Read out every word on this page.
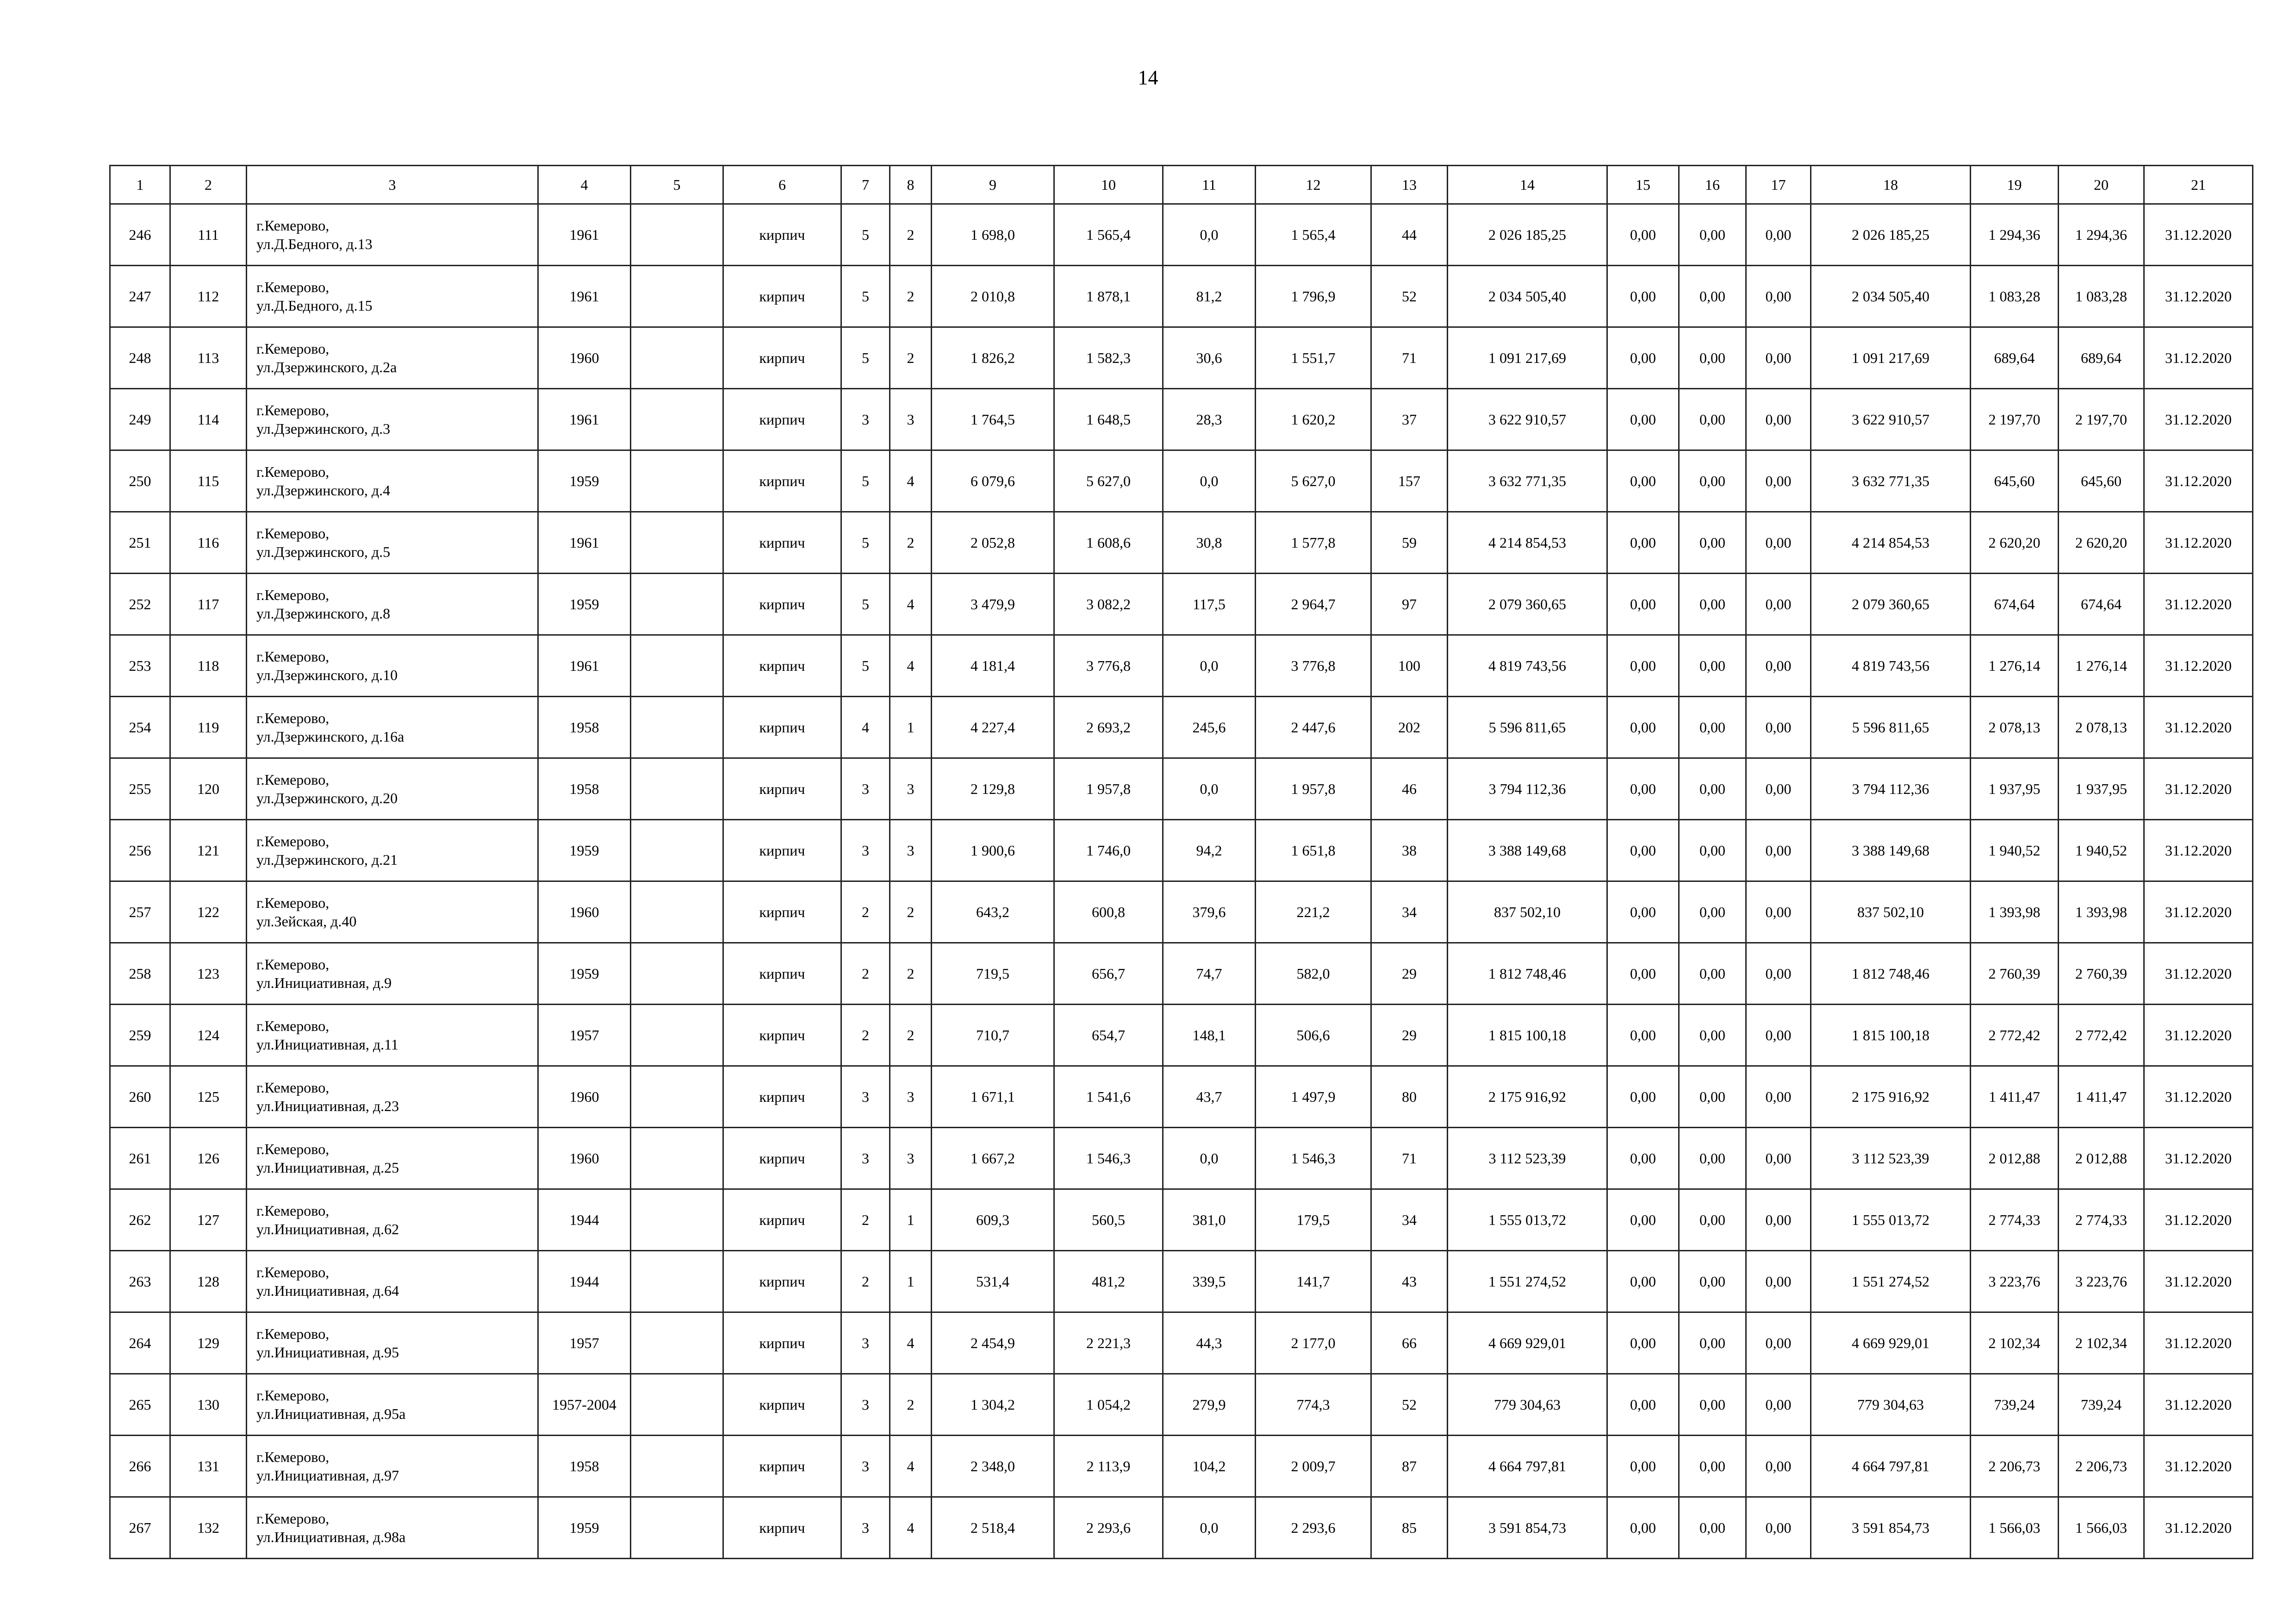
14
1	2	3	4	5	6	7	8	9	10	11	12	13	14	15	16	17	18	19	20	21
246	111	г.Кемерово,
ул.Д.Бедного, д.13	1961		кирпич	5	2	1 698,0	1 565,4	0,0	1 565,4	44	2 026 185,25	0,00	0,00	0,00	2 026 185,25	1 294,36	1 294,36	31.12.2020
247	112	г.Кемерово,
ул.Д.Бедного, д.15	1961		кирпич	5	2	2 010,8	1 878,1	81,2	1 796,9	52	2 034 505,40	0,00	0,00	0,00	2 034 505,40	1 083,28	1 083,28	31.12.2020
248	113	г.Кемерово,
ул.Дзержинского, д.2а	1960		кирпич	5	2	1 826,2	1 582,3	30,6	1 551,7	71	1 091 217,69	0,00	0,00	0,00	1 091 217,69	689,64	689,64	31.12.2020
249	114	г.Кемерово,
ул.Дзержинского, д.3	1961		кирпич	3	3	1 764,5	1 648,5	28,3	1 620,2	37	3 622 910,57	0,00	0,00	0,00	3 622 910,57	2 197,70	2 197,70	31.12.2020
250	115	г.Кемерово,
ул.Дзержинского, д.4	1959		кирпич	5	4	6 079,6	5 627,0	0,0	5 627,0	157	3 632 771,35	0,00	0,00	0,00	3 632 771,35	645,60	645,60	31.12.2020
251	116	г.Кемерово,
ул.Дзержинского, д.5	1961		кирпич	5	2	2 052,8	1 608,6	30,8	1 577,8	59	4 214 854,53	0,00	0,00	0,00	4 214 854,53	2 620,20	2 620,20	31.12.2020
252	117	г.Кемерово,
ул.Дзержинского, д.8	1959		кирпич	5	4	3 479,9	3 082,2	117,5	2 964,7	97	2 079 360,65	0,00	0,00	0,00	2 079 360,65	674,64	674,64	31.12.2020
253	118	г.Кемерово,
ул.Дзержинского, д.10	1961		кирпич	5	4	4 181,4	3 776,8	0,0	3 776,8	100	4 819 743,56	0,00	0,00	0,00	4 819 743,56	1 276,14	1 276,14	31.12.2020
254	119	г.Кемерово,
ул.Дзержинского, д.16а	1958		кирпич	4	1	4 227,4	2 693,2	245,6	2 447,6	202	5 596 811,65	0,00	0,00	0,00	5 596 811,65	2 078,13	2 078,13	31.12.2020
255	120	г.Кемерово,
ул.Дзержинского, д.20	1958		кирпич	3	3	2 129,8	1 957,8	0,0	1 957,8	46	3 794 112,36	0,00	0,00	0,00	3 794 112,36	1 937,95	1 937,95	31.12.2020
256	121	г.Кемерово,
ул.Дзержинского, д.21	1959		кирпич	3	3	1 900,6	1 746,0	94,2	1 651,8	38	3 388 149,68	0,00	0,00	0,00	3 388 149,68	1 940,52	1 940,52	31.12.2020
257	122	г.Кемерово,
ул.Зейская, д.40	1960		кирпич	2	2	643,2	600,8	379,6	221,2	34	837 502,10	0,00	0,00	0,00	837 502,10	1 393,98	1 393,98	31.12.2020
258	123	г.Кемерово,
ул.Инициативная, д.9	1959		кирпич	2	2	719,5	656,7	74,7	582,0	29	1 812 748,46	0,00	0,00	0,00	1 812 748,46	2 760,39	2 760,39	31.12.2020
259	124	г.Кемерово,
ул.Инициативная, д.11	1957		кирпич	2	2	710,7	654,7	148,1	506,6	29	1 815 100,18	0,00	0,00	0,00	1 815 100,18	2 772,42	2 772,42	31.12.2020
260	125	г.Кемерово,
ул.Инициативная, д.23	1960		кирпич	3	3	1 671,1	1 541,6	43,7	1 497,9	80	2 175 916,92	0,00	0,00	0,00	2 175 916,92	1 411,47	1 411,47	31.12.2020
261	126	г.Кемерово,
ул.Инициативная, д.25	1960		кирпич	3	3	1 667,2	1 546,3	0,0	1 546,3	71	3 112 523,39	0,00	0,00	0,00	3 112 523,39	2 012,88	2 012,88	31.12.2020
262	127	г.Кемерово,
ул.Инициативная, д.62	1944		кирпич	2	1	609,3	560,5	381,0	179,5	34	1 555 013,72	0,00	0,00	0,00	1 555 013,72	2 774,33	2 774,33	31.12.2020
263	128	г.Кемерово,
ул.Инициативная, д.64	1944		кирпич	2	1	531,4	481,2	339,5	141,7	43	1 551 274,52	0,00	0,00	0,00	1 551 274,52	3 223,76	3 223,76	31.12.2020
264	129	г.Кемерово,
ул.Инициативная, д.95	1957		кирпич	3	4	2 454,9	2 221,3	44,3	2 177,0	66	4 669 929,01	0,00	0,00	0,00	4 669 929,01	2 102,34	2 102,34	31.12.2020
265	130	г.Кемерово,
ул.Инициативная, д.95а	1957-2004		кирпич	3	2	1 304,2	1 054,2	279,9	774,3	52	779 304,63	0,00	0,00	0,00	779 304,63	739,24	739,24	31.12.2020
266	131	г.Кемерово,
ул.Инициативная, д.97	1958		кирпич	3	4	2 348,0	2 113,9	104,2	2 009,7	87	4 664 797,81	0,00	0,00	0,00	4 664 797,81	2 206,73	2 206,73	31.12.2020
267	132	г.Кемерово,
ул.Инициативная, д.98а	1959		кирпич	3	4	2 518,4	2 293,6	0,0	2 293,6	85	3 591 854,73	0,00	0,00	0,00	3 591 854,73	1 566,03	1 566,03	31.12.2020
